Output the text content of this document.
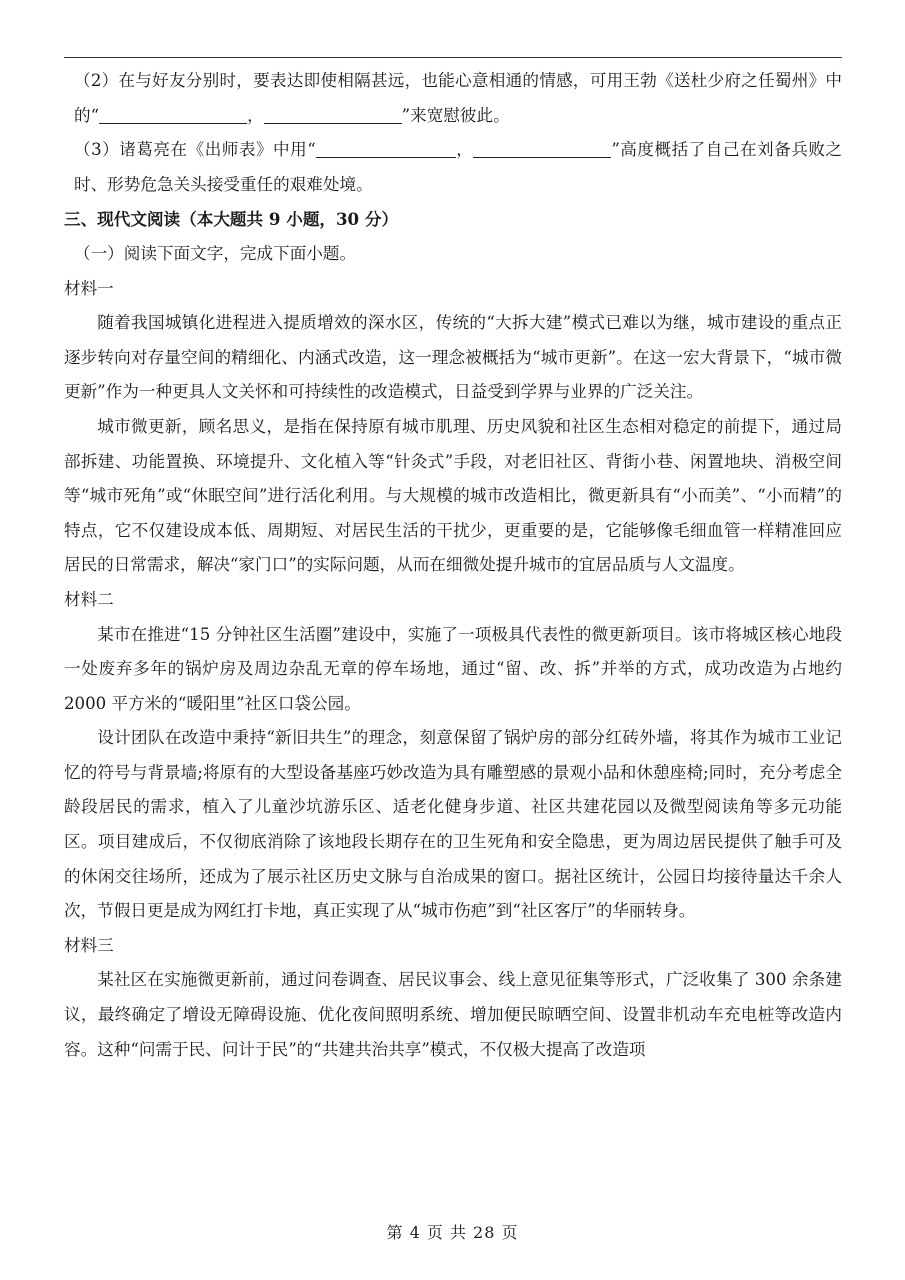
（2）在与好友分别时，要表达即使相隔甚远，也能心意相通的情感，可用王勃《送杜少府之任蜀州》中的“	，	”来宽慰彼此。

（3）诸葛亮在《出师表》中用“	，	”高度概括了自己在刘备兵败之时、形势危急关头接受重任的艰难处境。

三、现代文阅读（本大题共 9 小题，30 分）

（一）阅读下面文字，完成下面小题。

材料一

随着我国城镇化进程进入提质增效的深水区，传统的“大拆大建”模式已难以为继，城市建设的重点正逐步转向对存量空间的精细化、内涵式改造，这一理念被概括为“城市更新”。在这一宏大背景下，“城市微更新”作为一种更具人文关怀和可持续性的改造模式，日益受到学界与业界的广泛关注。

城市微更新，顾名思义，是指在保持原有城市肌理、历史风貌和社区生态相对稳定的前提下，通过局部拆建、功能置换、环境提升、文化植入等“针灸式”手段，对老旧社区、背街小巷、闲置地块、消极空间等“城市死角”或“休眠空间”进行活化利用。与大规模的城市改造相比，微更新具有“小而美”、“小而精”的特点，它不仅建设成本低、周期短、对居民生活的干扰少，更重要的是，它能够像毛细血管一样精准回应居民的日常需求，解决“家门口”的实际问题，从而在细微处提升城市的宜居品质与人文温度。

材料二

某市在推进“15 分钟社区生活圈”建设中，实施了一项极具代表性的微更新项目。该市将城区核心地段一处废弃多年的锅炉房及周边杂乱无章的停车场地，通过“留、改、拆”并举的方式，成功改造为占地约 2000 平方米的“暖阳里”社区口袋公园。

设计团队在改造中秉持“新旧共生”的理念，刻意保留了锅炉房的部分红砖外墙，将其作为城市工业记忆的符号与背景墙;将原有的大型设备基座巧妙改造为具有雕塑感的景观小品和休憩座椅;同时，充分考虑全龄段居民的需求，植入了儿童沙坑游乐区、适老化健身步道、社区共建花园以及微型阅读角等多元功能区。项目建成后，不仅彻底消除了该地段长期存在的卫生死角和安全隐患，更为周边居民提供了触手可及的休闲交往场所，还成为了展示社区历史文脉与自治成果的窗口。据社区统计，公园日均接待量达千余人次，节假日更是成为网红打卡地，真正实现了从“城市伤疤”到“社区客厅”的华丽转身。

材料三

某社区在实施微更新前，通过问卷调查、居民议事会、线上意见征集等形式，广泛收集了 300 余条建议，最终确定了增设无障碍设施、优化夜间照明系统、增加便民晾晒空间、设置非机动车充电桩等改造内容。这种“问需于民、问计于民”的“共建共治共享”模式，不仅极大提高了改造项

第 4 页 共 28 页
